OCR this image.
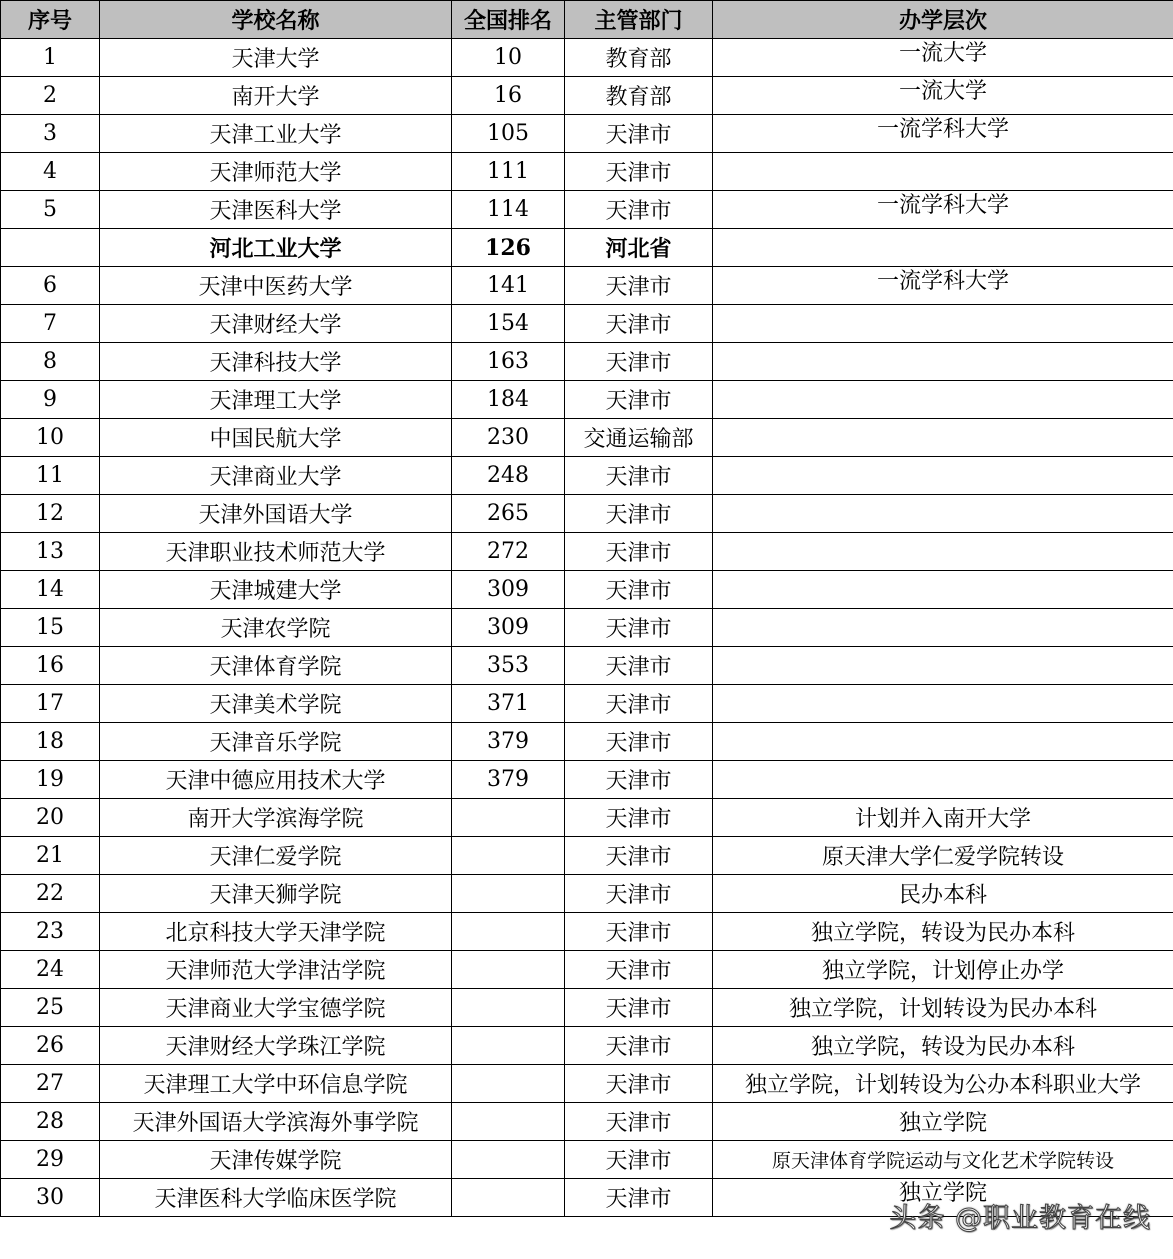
序号	学校名称	全国排名	主管部门	办学层次
1	天津大学	10	教育部	一流大学
2	南开大学	16	教育部	一流大学
3	天津工业大学	105	天津市	一流学科大学
4	天津师范大学	111	天津市	
5	天津医科大学	114	天津市	一流学科大学
	河北工业大学	126	河北省	
6	天津中医药大学	141	天津市	一流学科大学
7	天津财经大学	154	天津市	
8	天津科技大学	163	天津市	
9	天津理工大学	184	天津市	
10	中国民航大学	230	交通运输部	
11	天津商业大学	248	天津市	
12	天津外国语大学	265	天津市	
13	天津职业技术师范大学	272	天津市	
14	天津城建大学	309	天津市	
15	天津农学院	309	天津市	
16	天津体育学院	353	天津市	
17	天津美术学院	371	天津市	
18	天津音乐学院	379	天津市	
19	天津中德应用技术大学	379	天津市	
20	南开大学滨海学院		天津市	计划并入南开大学
21	天津仁爱学院		天津市	原天津大学仁爱学院转设
22	天津天狮学院		天津市	民办本科
23	北京科技大学天津学院		天津市	独立学院，转设为民办本科
24	天津师范大学津沽学院		天津市	独立学院，计划停止办学
25	天津商业大学宝德学院		天津市	独立学院，计划转设为民办本科
26	天津财经大学珠江学院		天津市	独立学院，转设为民办本科
27	天津理工大学中环信息学院		天津市	独立学院，计划转设为公办本科职业大学
28	天津外国语大学滨海外事学院		天津市	独立学院
29	天津传媒学院		天津市	原天津体育学院运动与文化艺术学院转设
30	天津医科大学临床医学院		天津市	独立学院
头条 @职业教育在线
